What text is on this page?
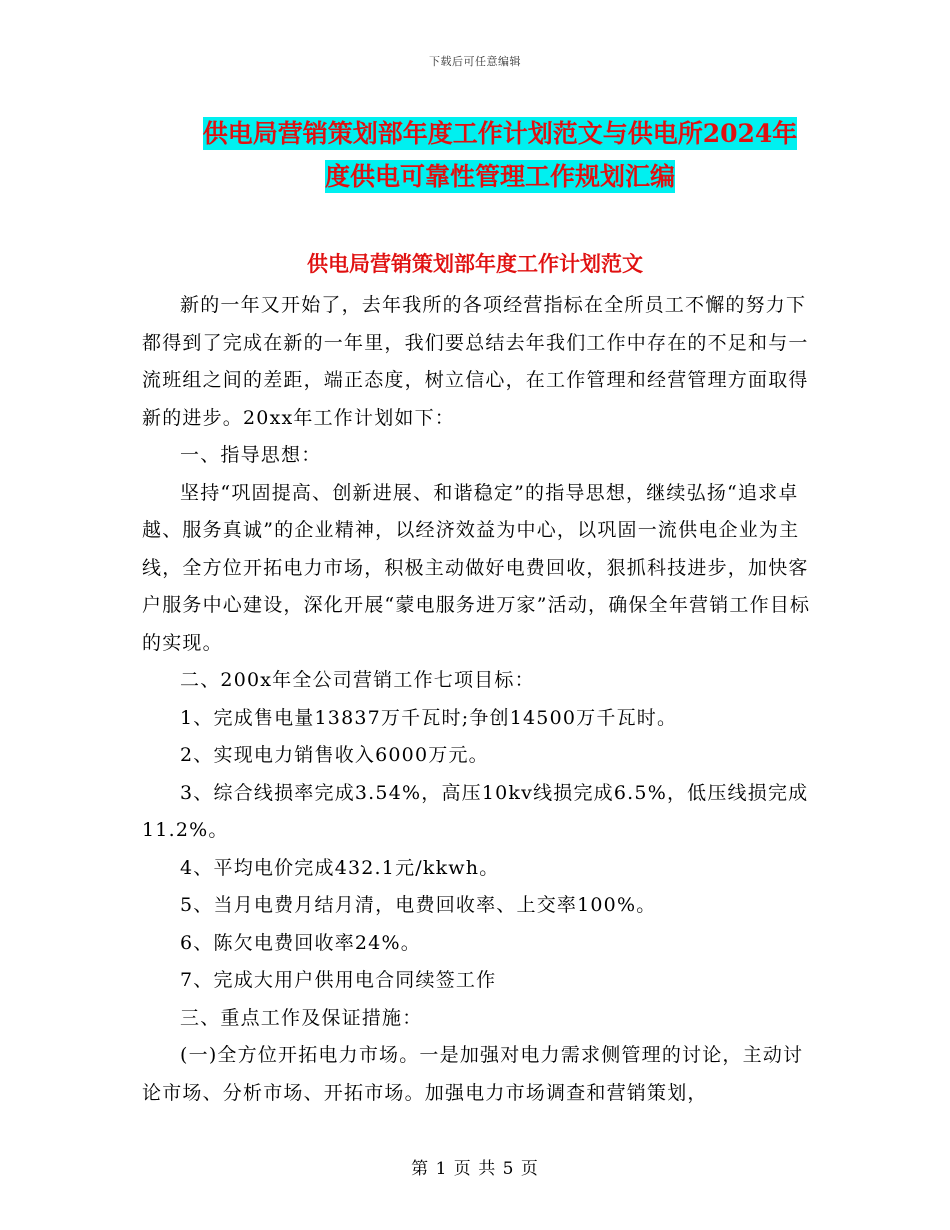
下载后可任意编辑
供电局营销策划部年度工作计划范文与供电所2024年
度供电可靠性管理工作规划汇编
供电局营销策划部年度工作计划范文

新的一年又开始了，去年我所的各项经营指标在全所员工不懈的努力下都得到了完成在新的一年里，我们要总结去年我们工作中存在的不足和与一流班组之间的差距，端正态度，树立信心，在工作管理和经营管理方面取得新的进步。20xx年工作计划如下：

一、指导思想：

坚持“巩固提高、创新进展、和谐稳定”的指导思想，继续弘扬“追求卓越、服务真诚”的企业精神，以经济效益为中心，以巩固一流供电企业为主线，全方位开拓电力市场，积极主动做好电费回收，狠抓科技进步，加快客户服务中心建设，深化开展“蒙电服务进万家”活动，确保全年营销工作目标的实现。

二、200x年全公司营销工作七项目标：

1、完成售电量13837万千瓦时;争创14500万千瓦时。

2、实现电力销售收入6000万元。

3、综合线损率完成3.54%，高压10kv线损完成6.5%，低压线损完成11.2%。

4、平均电价完成432.1元/kkwh。

5、当月电费月结月清，电费回收率、上交率100%。

6、陈欠电费回收率24%。

7、完成大用户供用电合同续签工作

三、重点工作及保证措施：

(一)全方位开拓电力市场。一是加强对电力需求侧管理的讨论，主动讨论市场、分析市场、开拓市场。加强电力市场调查和营销策划，

第 1 页 共 5 页
